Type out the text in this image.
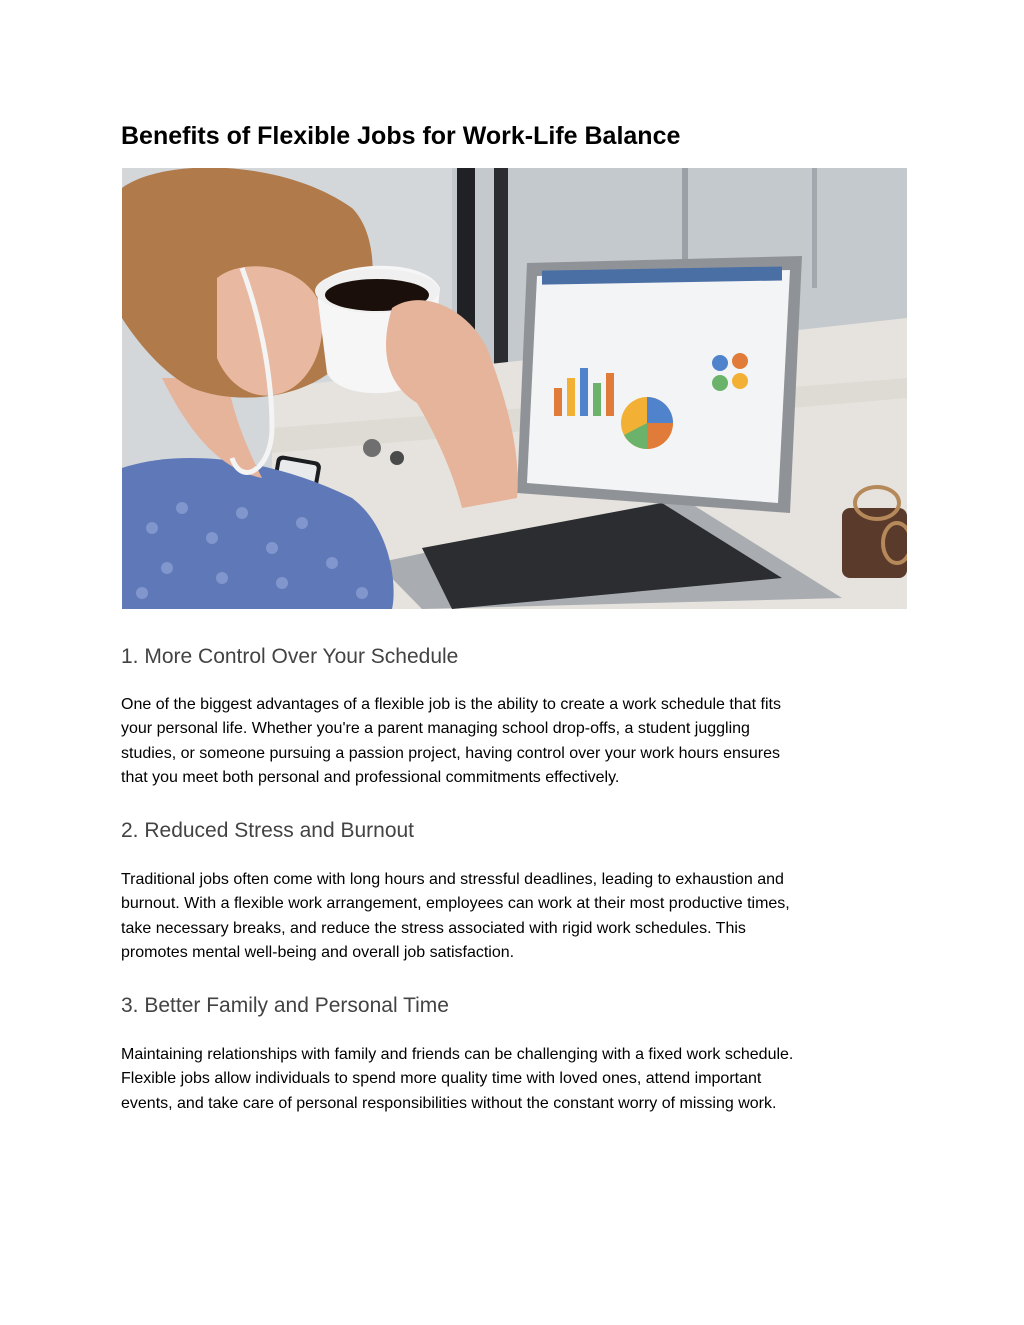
Benefits of Flexible Jobs for Work-Life Balance
1. More Control Over Your Schedule

One of the biggest advantages of a flexible job is the ability to create a work schedule that fits
your personal life. Whether you're a parent managing school drop-offs, a student juggling
studies, or someone pursuing a passion project, having control over your work hours ensures
that you meet both personal and professional commitments effectively.

2. Reduced Stress and Burnout

Traditional jobs often come with long hours and stressful deadlines, leading to exhaustion and
burnout. With a flexible work arrangement, employees can work at their most productive times,
take necessary breaks, and reduce the stress associated with rigid work schedules. This
promotes mental well-being and overall job satisfaction.

3. Better Family and Personal Time

Maintaining relationships with family and friends can be challenging with a fixed work schedule.
Flexible jobs allow individuals to spend more quality time with loved ones, attend important
events, and take care of personal responsibilities without the constant worry of missing work.
